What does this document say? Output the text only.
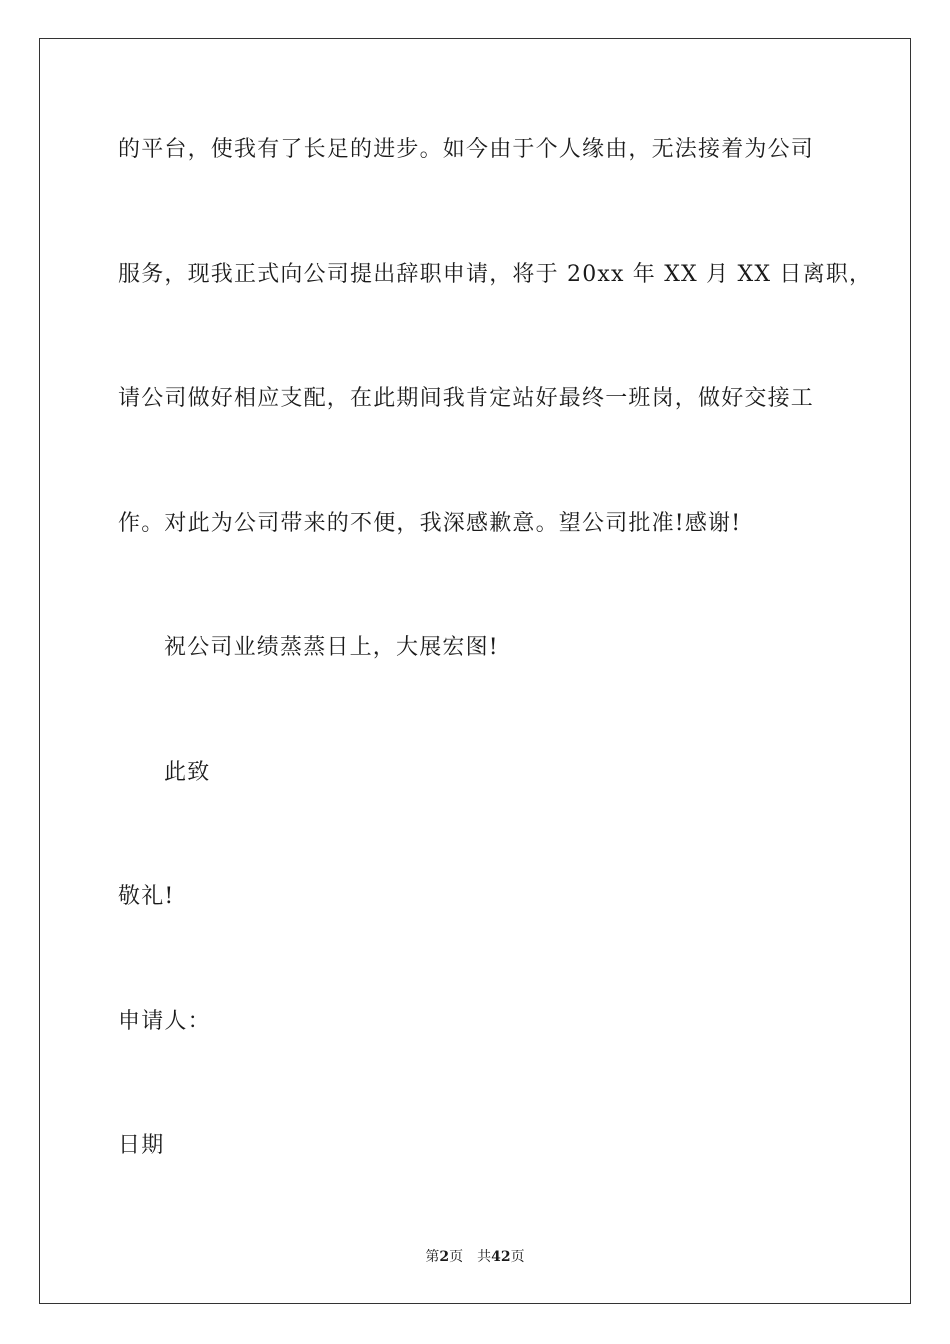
的平台，使我有了长足的进步。如今由于个人缘由，无法接着为公司
服务，现我正式向公司提出辞职申请，将于 20xx 年 XX 月 XX 日离职，
请公司做好相应支配，在此期间我肯定站好最终一班岗，做好交接工
作。对此为公司带来的不便，我深感歉意。望公司批准!感谢!
祝公司业绩蒸蒸日上，大展宏图!
此致
敬礼!
申请人：
日期
第2页 共42页
